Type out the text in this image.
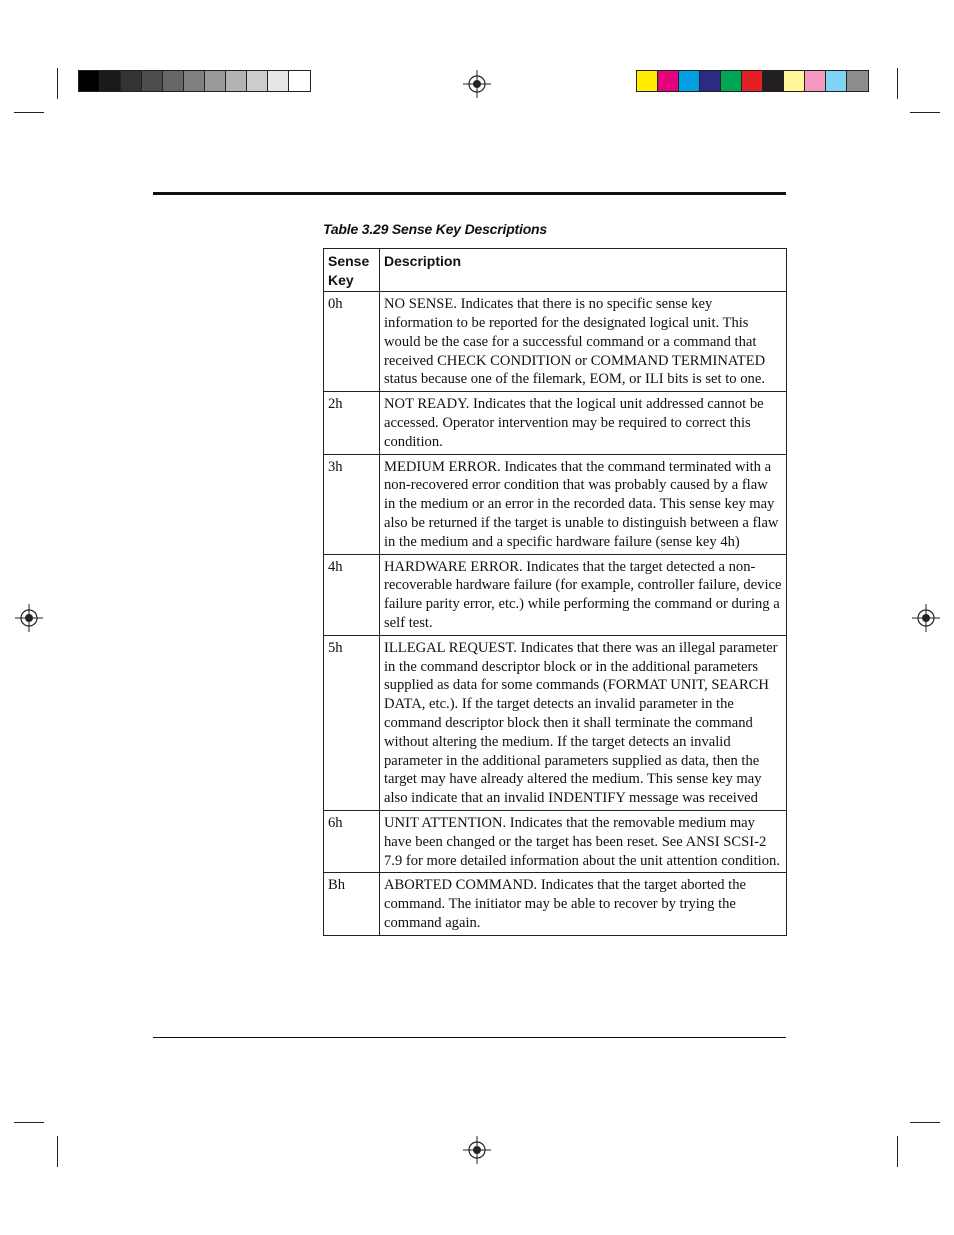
Table 3.29 Sense Key Descriptions
Sense Key	Description
0h	NO SENSE. Indicates that there is no specific sense key information to be reported for the designated logical unit. This would be the case for a successful command or a command that received CHECK CONDITION or COMMAND TERMINATED status because one of the filemark, EOM, or ILI bits is set to one.
2h	NOT READY. Indicates that the logical unit addressed cannot be accessed. Operator intervention may be required to correct this condition.
3h	MEDIUM ERROR. Indicates that the command terminated with a non-recovered error condition that was probably caused by a flaw in the medium or an error in the recorded data. This sense key may also be returned if the target is unable to distinguish between a flaw in the medium and a specific hardware failure (sense key 4h)
4h	HARDWARE ERROR. Indicates that the target detected a non-recoverable hardware failure (for example, controller failure, device failure parity error, etc.) while performing the command or during a self test.
5h	ILLEGAL REQUEST. Indicates that there was an illegal parameter in the command descriptor block or in the additional parameters supplied as data for some commands (FORMAT UNIT, SEARCH DATA, etc.). If the target detects an invalid parameter in the command descriptor block then it shall terminate the command without altering the medium. If the target detects an invalid parameter in the additional parameters supplied as data, then the target may have already altered the medium. This sense key may also indicate that an invalid INDENTIFY message was received
6h	UNIT ATTENTION. Indicates that the removable medium may have been changed or the target has been reset. See ANSI SCSI-2 7.9 for more detailed information about the unit attention condition.
Bh	ABORTED COMMAND. Indicates that the target aborted the command. The initiator may be able to recover by trying the command again.
